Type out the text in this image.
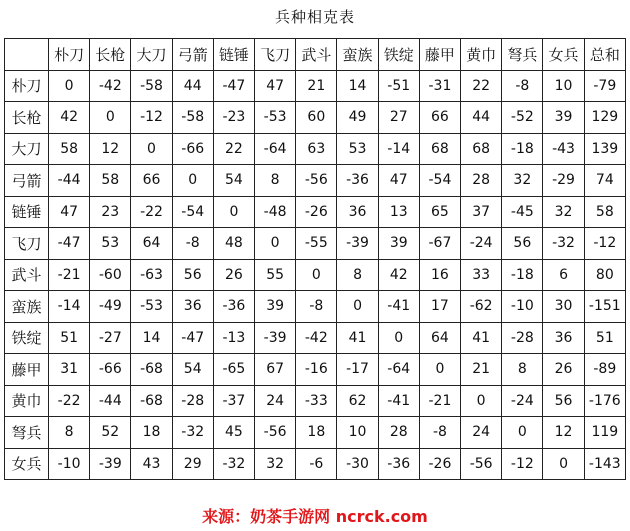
兵种相克表
	朴刀	长枪	大刀	弓箭	链锤	飞刀	武斗	蛮族	铁绽	藤甲	黄巾	弩兵	女兵	总和
朴刀	0	-42	-58	44	-47	47	21	14	-51	-31	22	-8	10	-79
长枪	42	0	-12	-58	-23	-53	60	49	27	66	44	-52	39	129
大刀	58	12	0	-66	22	-64	63	53	-14	68	68	-18	-43	139
弓箭	-44	58	66	0	54	8	-56	-36	47	-54	28	32	-29	74
链锤	47	23	-22	-54	0	-48	-26	36	13	65	37	-45	32	58
飞刀	-47	53	64	-8	48	0	-55	-39	39	-67	-24	56	-32	-12
武斗	-21	-60	-63	56	26	55	0	8	42	16	33	-18	6	80
蛮族	-14	-49	-53	36	-36	39	-8	0	-41	17	-62	-10	30	-151
铁绽	51	-27	14	-47	-13	-39	-42	41	0	64	41	-28	36	51
藤甲	31	-66	-68	54	-65	67	-16	-17	-64	0	21	8	26	-89
黄巾	-22	-44	-68	-28	-37	24	-33	62	-41	-21	0	-24	56	-176
弩兵	8	52	18	-32	45	-56	18	10	28	-8	24	0	12	119
女兵	-10	-39	43	29	-32	32	-6	-30	-36	-26	-56	-12	0	-143
来源：奶茶手游网 ncrck.com
